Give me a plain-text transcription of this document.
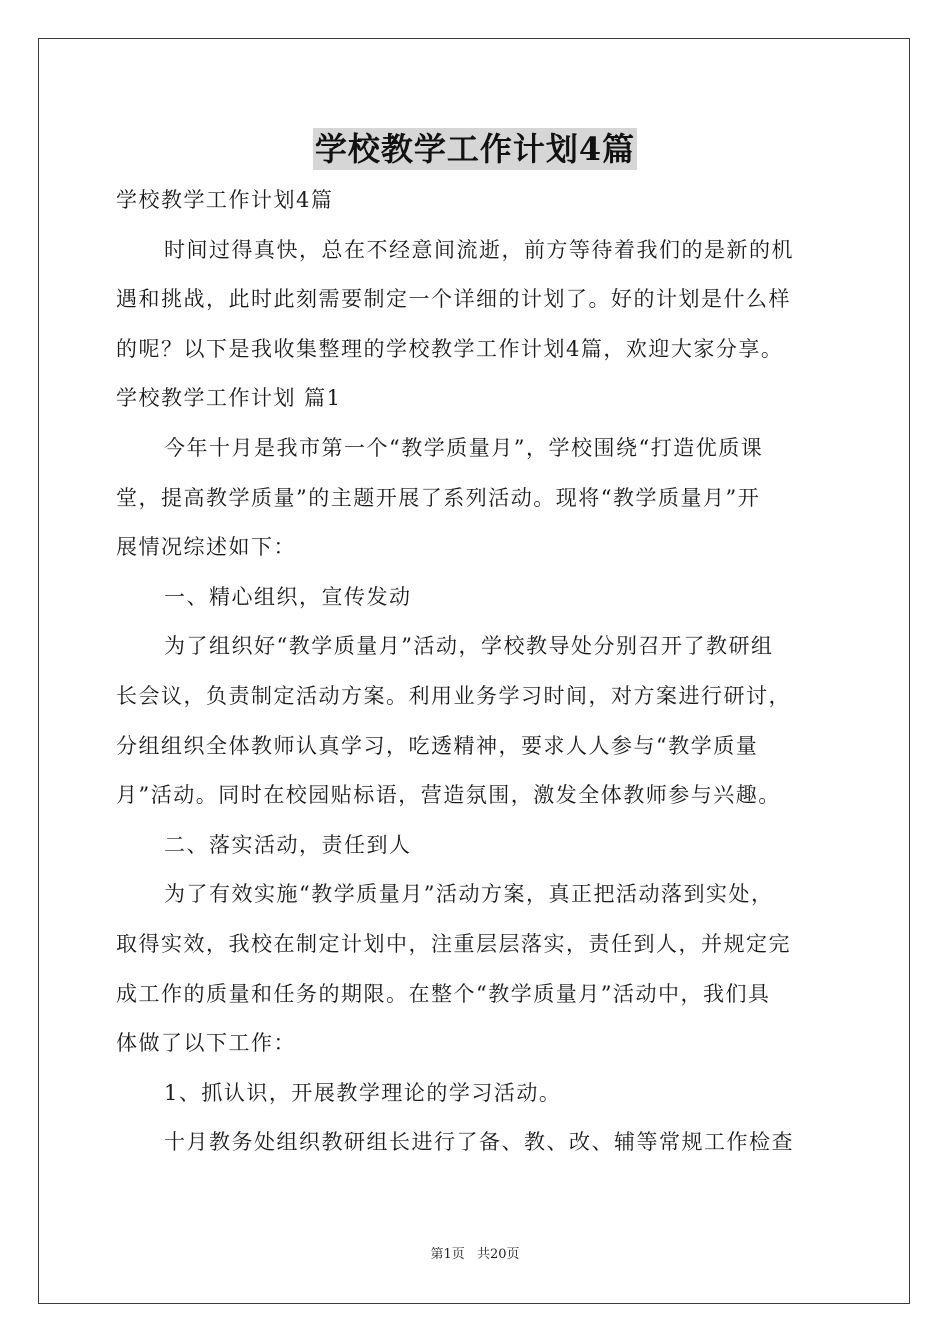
学校教学工作计划4篇
学校教学工作计划4篇
时间过得真快，总在不经意间流逝，前方等待着我们的是新的机
遇和挑战，此时此刻需要制定一个详细的计划了。好的计划是什么样
的呢？以下是我收集整理的学校教学工作计划4篇，欢迎大家分享。
学校教学工作计划 篇1
今年十月是我市第一个“教学质量月”，学校围绕“打造优质课
堂，提高教学质量”的主题开展了系列活动。现将“教学质量月”开
展情况综述如下：
一、精心组织，宣传发动
为了组织好“教学质量月”活动，学校教导处分别召开了教研组
长会议，负责制定活动方案。利用业务学习时间，对方案进行研讨，
分组组织全体教师认真学习，吃透精神，要求人人参与“教学质量
月”活动。同时在校园贴标语，营造氛围，激发全体教师参与兴趣。
二、落实活动，责任到人
为了有效实施“教学质量月”活动方案，真正把活动落到实处，
取得实效，我校在制定计划中，注重层层落实，责任到人，并规定完
成工作的质量和任务的期限。在整个“教学质量月”活动中，我们具
体做了以下工作：
1、抓认识，开展教学理论的学习活动。
十月教务处组织教研组长进行了备、教、改、辅等常规工作检查
第1页 共20页
